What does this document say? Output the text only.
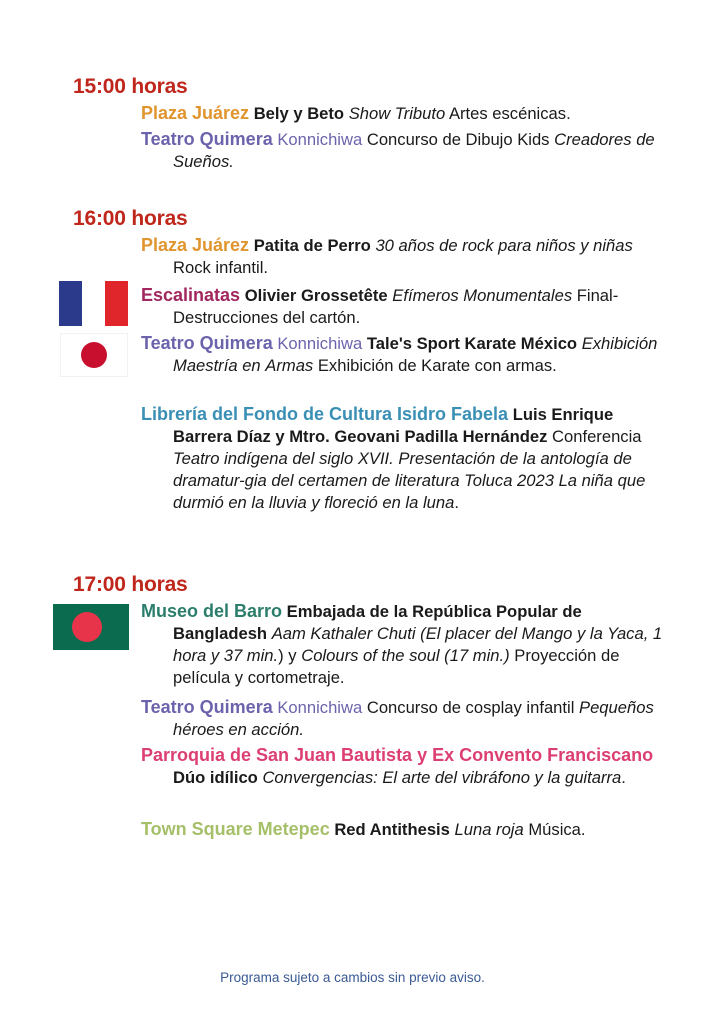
15:00 horas
Plaza Juárez Bely y Beto Show Tributo Artes escénicas.
Teatro Quimera Konnichiwa Concurso de Dibujo Kids Creadores de Sueños.
16:00 horas
Plaza Juárez Patita de Perro 30 años de rock para niños y niñas Rock infantil.
Escalinatas Olivier Grossetête Efímeros Monumentales Final-Destrucciones del cartón.
Teatro Quimera Konnichiwa Tale's Sport Karate México Exhibición Maestría en Armas Exhibición de Karate con armas.
Librería del Fondo de Cultura Isidro Fabela Luis Enrique Barrera Díaz y Mtro. Geovani Padilla Hernández Conferencia Teatro indígena del siglo XVII. Presentación de la antología de dramatur-gia del certamen de literatura Toluca 2023 La niña que durmió en la lluvia y floreció en la luna.
17:00 horas
Museo del Barro Embajada de la República Popular de Bangladesh Aam Kathaler Chuti (El placer del Mango y la Yaca, 1 hora y 37 min.) y Colours of the soul (17 min.) Proyección de película y cortometraje.
Teatro Quimera Konnichiwa Concurso de cosplay infantil Pequeños héroes en acción.
Parroquia de San Juan Bautista y Ex Convento Franciscano Dúo idílico Convergencias: El arte del vibráfono y la guitarra.
Town Square Metepec Red Antithesis Luna roja Música.
Programa sujeto a cambios sin previo aviso.
